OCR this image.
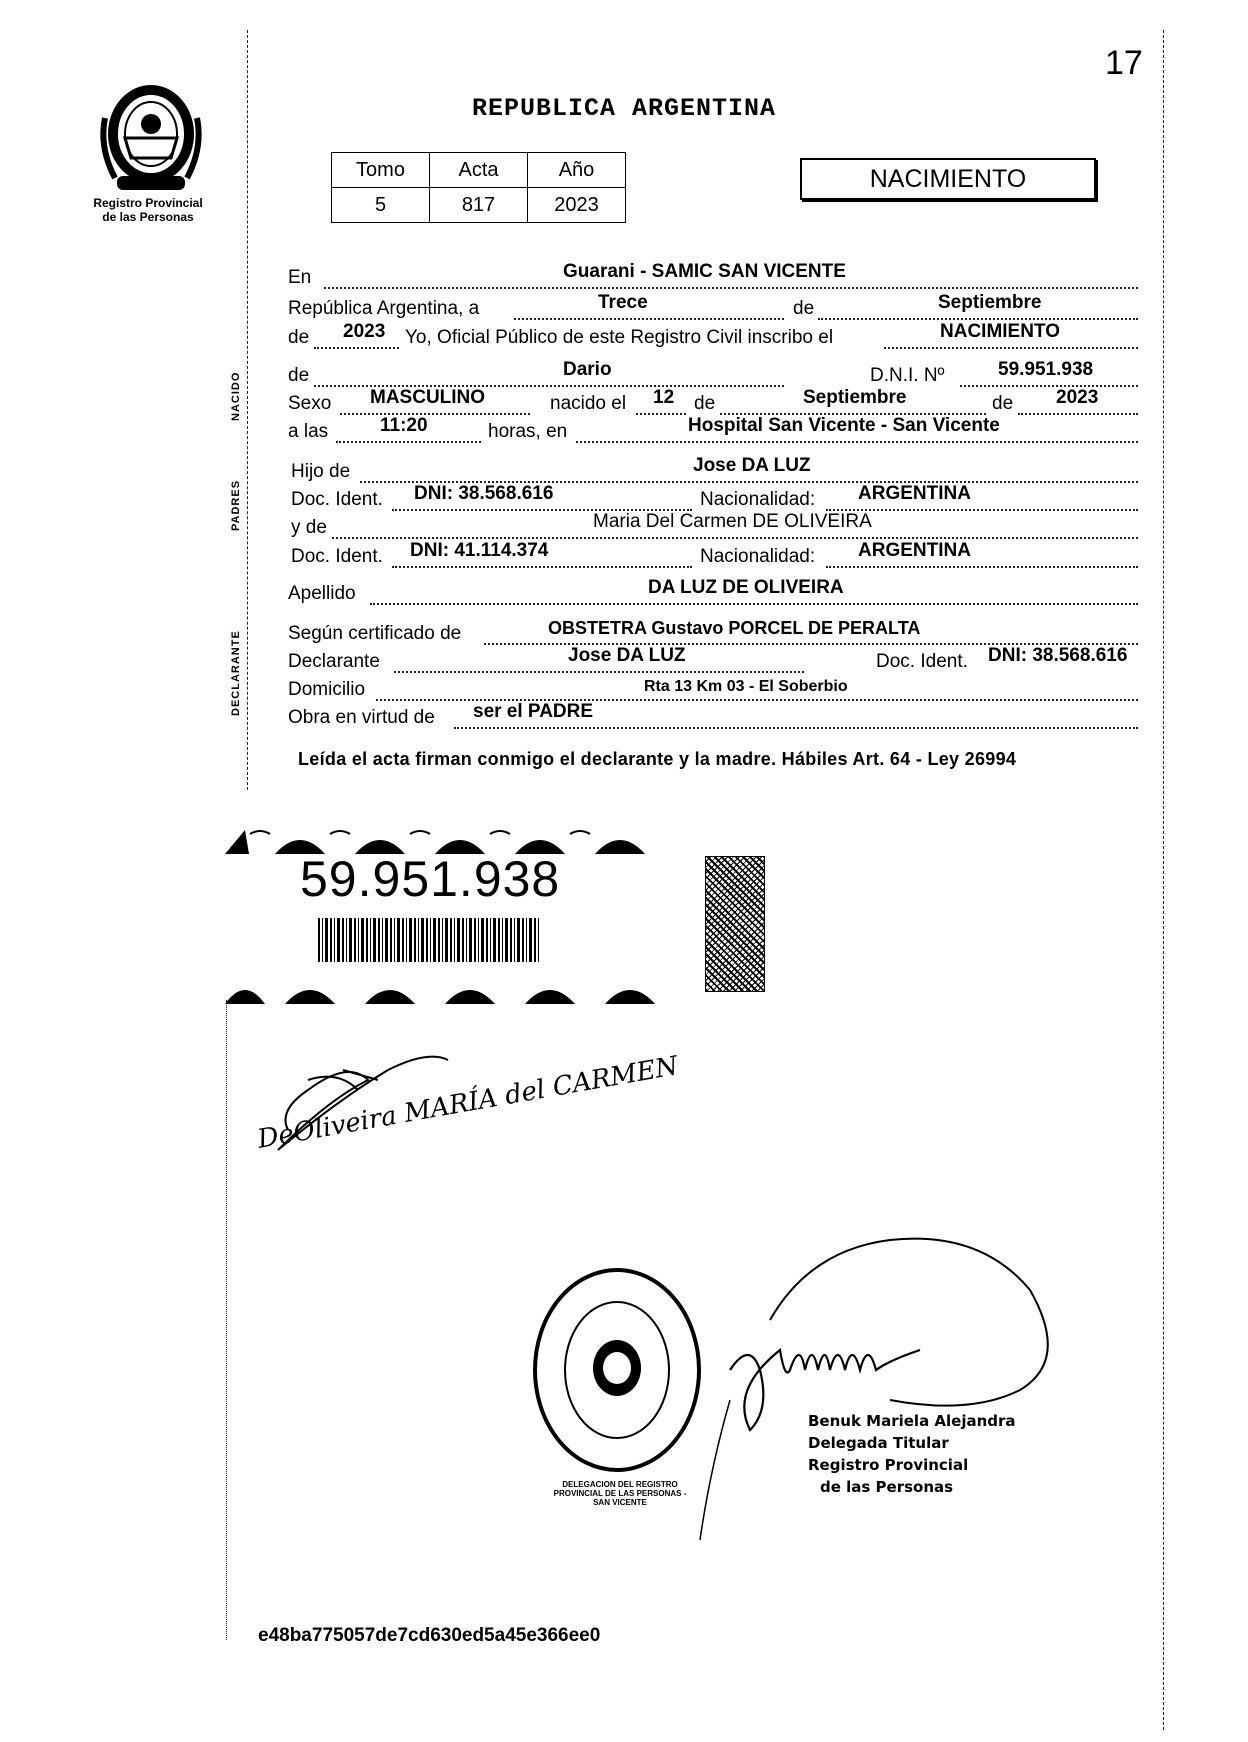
17
Registro Provincial
de las Personas
REPUBLICA ARGENTINA
Tomo	Acta	Año
5	817	2023
NACIMIENTO
NACIDO
PADRES
DECLARANTE
En	Guarani - SAMIC SAN VICENTE
República Argentina, a	Trece	de	Septiembre
de 2023 Yo, Oficial Público de este Registro Civil inscribo el	NACIMIENTO
de	Dario	D.N.I. Nº	59.951.938
Sexo MASCULINO	nacido el 12 de	Septiembre	de 2023
a las	11:20	horas, en	Hospital San Vicente - San Vicente
Hijo de	Jose DA LUZ
Doc. Ident. DNI: 38.568.616	Nacionalidad: ARGENTINA
y de	Maria Del Carmen DE OLIVEIRA
Doc. Ident. DNI: 41.114.374	Nacionalidad: ARGENTINA
Apellido	DA LUZ DE OLIVEIRA
Según certificado de	OBSTETRA Gustavo PORCEL DE PERALTA
Declarante	Jose DA LUZ	Doc. Ident. DNI: 38.568.616
Domicilio	Rta 13 Km 03 - El Soberbio
Obra en virtud de ser el PADRE
Leída el acta firman conmigo el declarante y la madre. Hábiles Art. 64 - Ley 26994
59.951.938
DeOliveira MARÍA del CARMEN
DELEGACION DEL REGISTRO PROVINCIAL DE LAS PERSONAS - SAN VICENTE
Benuk Mariela Alejandra
Delegada Titular
Registro Provincial
de las Personas
e48ba775057de7cd630ed5a45e366ee0
